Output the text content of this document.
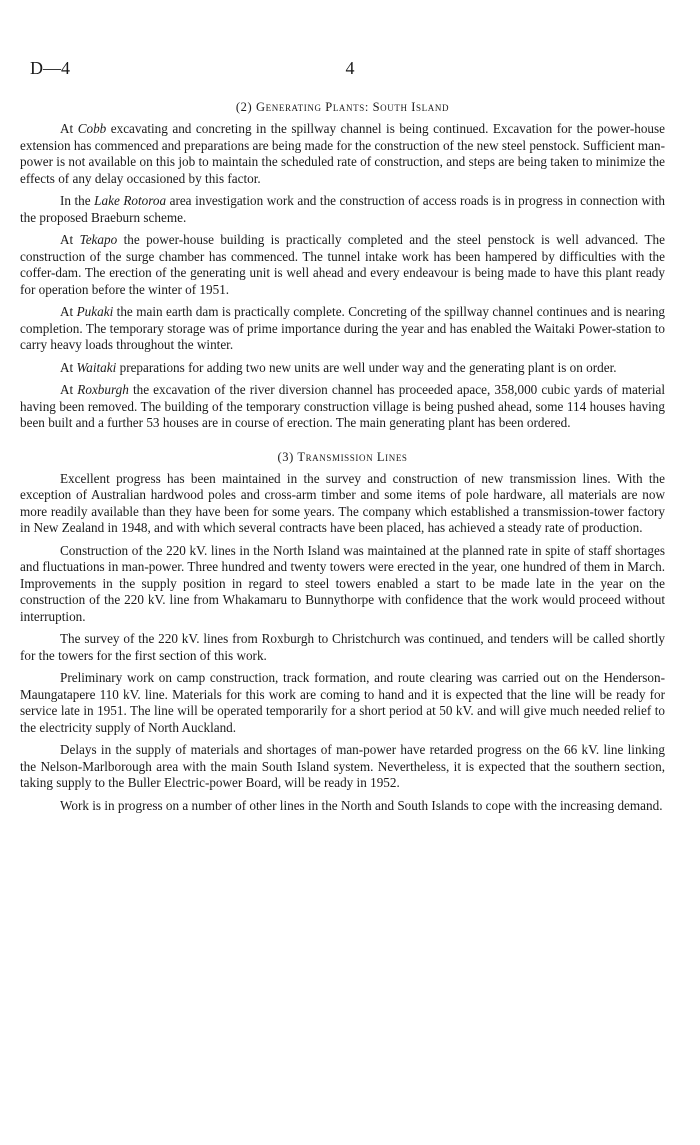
D—4	4
(2) Generating Plants: South Island

At Cobb excavating and concreting in the spillway channel is being continued. Excavation for the power-house extension has commenced and preparations are being made for the construction of the new steel penstock. Sufficient man-power is not available on this job to maintain the scheduled rate of construction, and steps are being taken to minimize the effects of any delay occasioned by this factor.

In the Lake Rotoroa area investigation work and the construction of access roads is in progress in connection with the proposed Braeburn scheme.

At Tekapo the power-house building is practically completed and the steel penstock is well advanced. The construction of the surge chamber has commenced. The tunnel intake work has been hampered by difficulties with the coffer-dam. The erection of the generating unit is well ahead and every endeavour is being made to have this plant ready for operation before the winter of 1951.

At Pukaki the main earth dam is practically complete. Concreting of the spillway channel continues and is nearing completion. The temporary storage was of prime importance during the year and has enabled the Waitaki Power-station to carry heavy loads throughout the winter.

At Waitaki preparations for adding two new units are well under way and the generating plant is on order.

At Roxburgh the excavation of the river diversion channel has proceeded apace, 358,000 cubic yards of material having been removed. The building of the temporary construction village is being pushed ahead, some 114 houses having been built and a further 53 houses are in course of erection. The main generating plant has been ordered.

(3) Transmission Lines

Excellent progress has been maintained in the survey and construction of new transmission lines. With the exception of Australian hardwood poles and cross-arm timber and some items of pole hardware, all materials are now more readily available than they have been for some years. The company which established a transmission-tower factory in New Zealand in 1948, and with which several contracts have been placed, has achieved a steady rate of production.

Construction of the 220 kV. lines in the North Island was maintained at the planned rate in spite of staff shortages and fluctuations in man-power. Three hundred and twenty towers were erected in the year, one hundred of them in March. Improvements in the supply position in regard to steel towers enabled a start to be made late in the year on the construction of the 220 kV. line from Whakamaru to Bunnythorpe with confidence that the work would proceed without interruption.

The survey of the 220 kV. lines from Roxburgh to Christchurch was continued, and tenders will be called shortly for the towers for the first section of this work.

Preliminary work on camp construction, track formation, and route clearing was carried out on the Henderson-Maungatapere 110 kV. line. Materials for this work are coming to hand and it is expected that the line will be ready for service late in 1951. The line will be operated temporarily for a short period at 50 kV. and will give much needed relief to the electricity supply of North Auckland.

Delays in the supply of materials and shortages of man-power have retarded progress on the 66 kV. line linking the Nelson-Marlborough area with the main South Island system. Nevertheless, it is expected that the southern section, taking supply to the Buller Electric-power Board, will be ready in 1952.

Work is in progress on a number of other lines in the North and South Islands to cope with the increasing demand.
